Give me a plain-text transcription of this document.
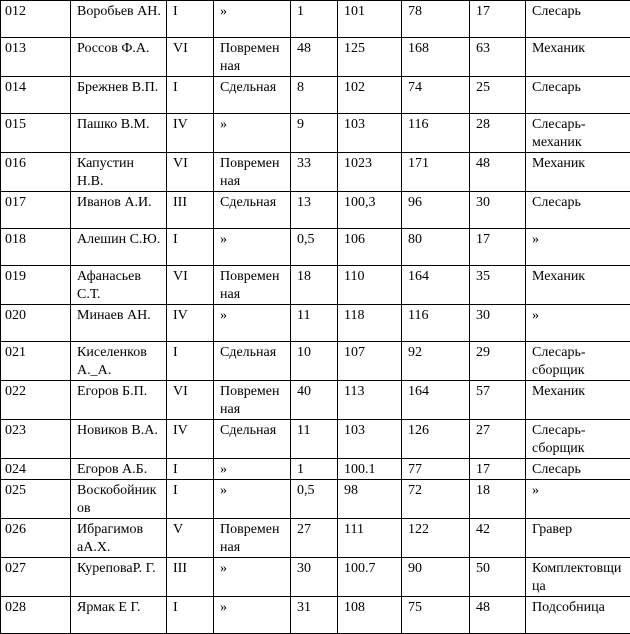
012	Воробьев АН.	I	»	1	101	78	17	Слесарь
013	Россов Ф.А.	VI	Повременная	48	125	168	63	Механик
014	Брежнев В.П.	I	Сдельная	8	102	74	25	Слесарь
015	Пашко В.М.	IV	»	9	103	116	28	Слесарь-механик
016	Капустин Н.В.	VI	Повременная	33	1023	171	48	Механик
017	Иванов А.И.	III	Сдельная	13	100,3	96	30	Слесарь
018	Алешин С.Ю.	I	»	0,5	106	80	17	»
019	Афанасьев С.Т.	VI	Повременная	18	110	164	35	Механик
020	Минаев АН.	IV	»	11	118	116	30	»
021	Киселенков А._А.	I	Сдельная	10	107	92	29	Слесарь-сборщик
022	Егоров Б.П.	VI	Повременная	40	113	164	57	Механик
023	Новиков В.А.	IV	Сдельная	11	103	126	27	Слесарь-сборщик
024	Егоров А.Б.	I	»	1	100.1	77	17	Слесарь
025	Воскобойников	I	»	0,5	98	72	18	»
026	Ибрагимов аА.Х.	V	Повременная	27	111	122	42	Гравер
027	КуреповаР. Г.	III	»	30	100.7	90	50	Комплектовщица
028	Ярмак Е Г.	I	»	31	108	75	48	Подсобница
